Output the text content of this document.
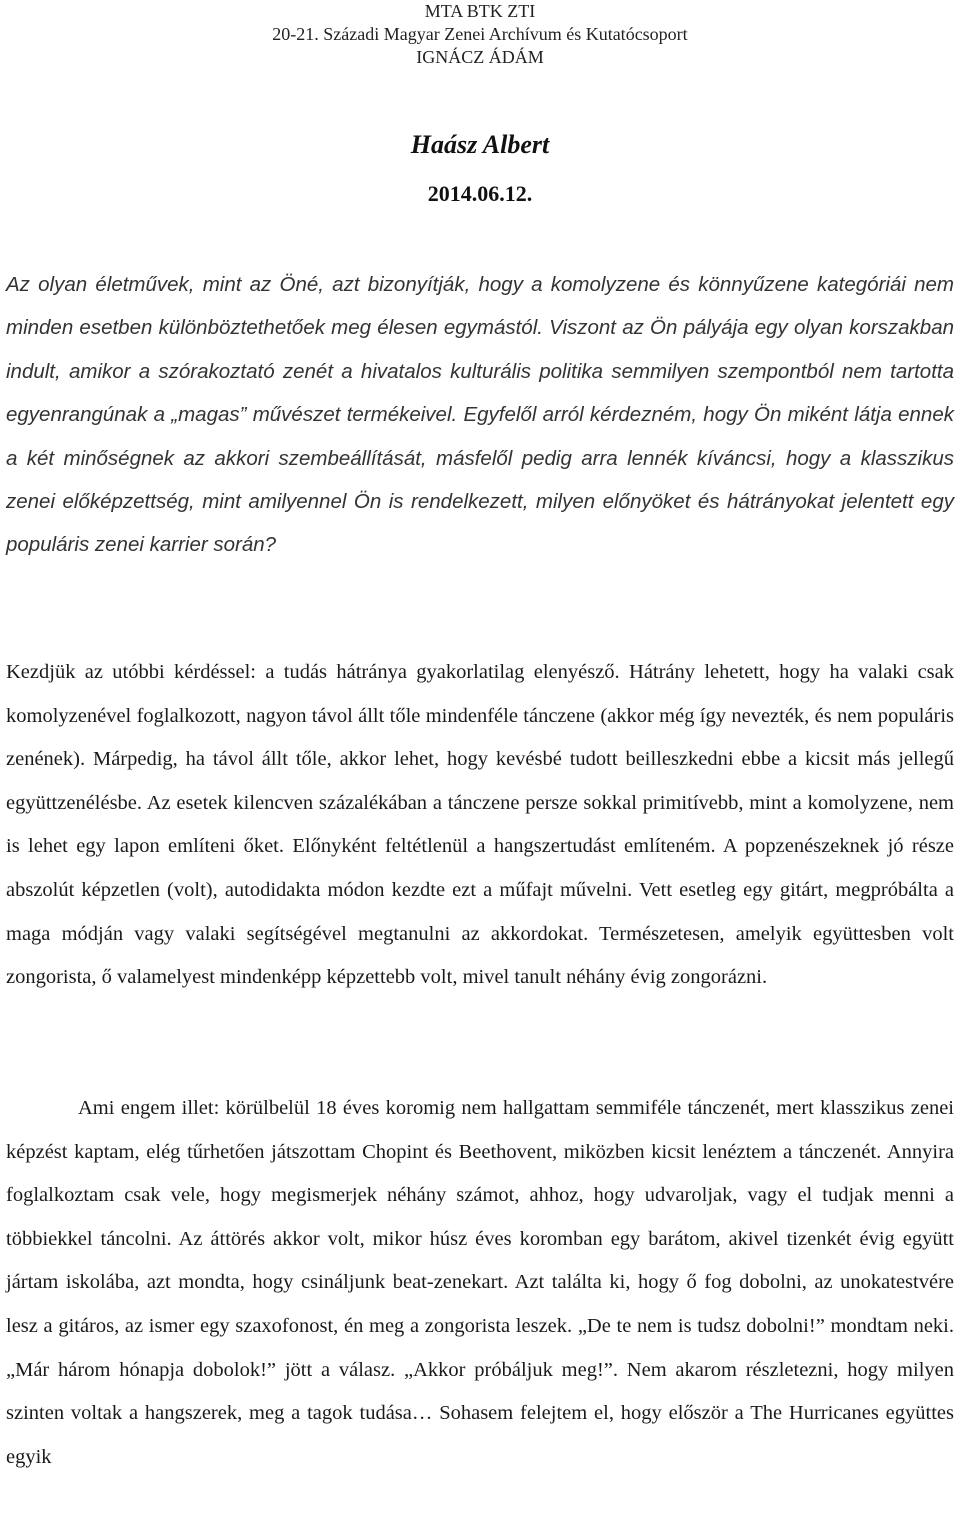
MTA BTK ZTI
20-21. Századi Magyar Zenei Archívum és Kutatócsoport
IGNÁCZ ÁDÁM
Haász Albert
2014.06.12.

Az olyan életművek, mint az Öné, azt bizonyítják, hogy a komolyzene és könnyűzene kategóriái nem minden esetben különböztethetőek meg élesen egymástól. Viszont az Ön pályája egy olyan korszakban indult, amikor a szórakoztató zenét a hivatalos kulturális politika semmilyen szempontból nem tartotta egyenrangúnak a „magas” művészet termékeivel. Egyfelől arról kérdezném, hogy Ön miként látja ennek a két minőségnek az akkori szembeállítását, másfelől pedig arra lennék kíváncsi, hogy a klasszikus zenei előképzettség, mint amilyennel Ön is rendelkezett, milyen előnyöket és hátrányokat jelentett egy populáris zenei karrier során?

Kezdjük az utóbbi kérdéssel: a tudás hátránya gyakorlatilag elenyésző. Hátrány lehetett, hogy ha valaki csak komolyzenével foglalkozott, nagyon távol állt tőle mindenféle tánczene (akkor még így nevezték, és nem populáris zenének). Márpedig, ha távol állt tőle, akkor lehet, hogy kevésbé tudott beilleszkedni ebbe a kicsit más jellegű együttzenélésbe. Az esetek kilencven százalékában a tánczene persze sokkal primitívebb, mint a komolyzene, nem is lehet egy lapon említeni őket. Előnyként feltétlenül a hangszertudást említeném. A popzenészeknek jó része abszolút képzetlen (volt), autodidakta módon kezdte ezt a műfajt művelni. Vett esetleg egy gitárt, megpróbálta a maga módján vagy valaki segítségével megtanulni az akkordokat. Természetesen, amelyik együttesben volt zongorista, ő valamelyest mindenképp képzettebb volt, mivel tanult néhány évig zongorázni.

Ami engem illet: körülbelül 18 éves koromig nem hallgattam semmiféle tánczenét, mert klasszikus zenei képzést kaptam, elég tűrhetően játszottam Chopint és Beethovent, miközben kicsit lenéztem a tánczenét. Annyira foglalkoztam csak vele, hogy megismerjek néhány számot, ahhoz, hogy udvaroljak, vagy el tudjak menni a többiekkel táncolni. Az áttörés akkor volt, mikor húsz éves koromban egy barátom, akivel tizenkét évig együtt jártam iskolába, azt mondta, hogy csináljunk beat-zenekart. Azt találta ki, hogy ő fog dobolni, az unokatestvére lesz a gitáros, az ismer egy szaxofonost, én meg a zongorista leszek. „De te nem is tudsz dobolni!” mondtam neki. „Már három hónapja dobolok!” jött a válasz. „Akkor próbáljuk meg!”. Nem akarom részletezni, hogy milyen szinten voltak a hangszerek, meg a tagok tudása… Sohasem felejtem el, hogy először a The Hurricanes együttes egyik
